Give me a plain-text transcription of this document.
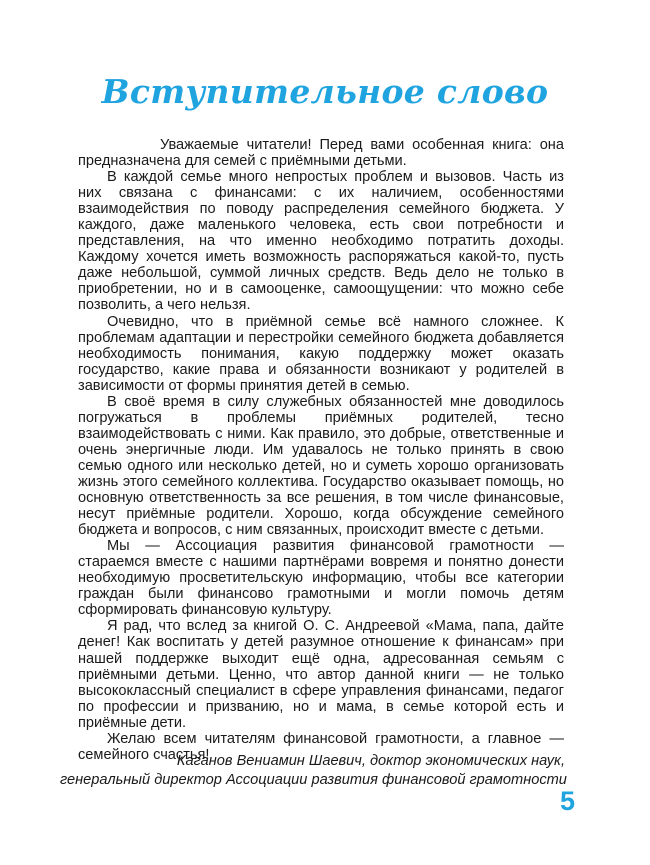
Вступительное слово

Уважаемые читатели! Перед вами особенная книга: она предназначена для семей с приёмными детьми.

В каждой семье много непростых проблем и вызовов. Часть из них связана с финансами: с их наличием, особенностями взаимодействия по поводу распределения семейного бюджета. У каждого, даже маленького человека, есть свои потребности и представления, на что именно необходимо потратить доходы. Каждому хочется иметь возможность распоряжаться какой-то, пусть даже небольшой, суммой личных средств. Ведь дело не только в приобретении, но и в самооценке, самоощущении: что можно себе позволить, а чего нельзя.

Очевидно, что в приёмной семье всё намного сложнее. К проблемам адаптации и перестройки семейного бюджета добавляется необходимость понимания, какую поддержку может оказать государство, какие права и обязанности возникают у родителей в зависимости от формы принятия детей в семью.

В своё время в силу служебных обязанностей мне доводилось погружаться в проблемы приёмных родителей, тесно взаимодействовать с ними. Как правило, это добрые, ответственные и очень энергичные люди. Им удавалось не только принять в свою семью одного или несколько детей, но и суметь хорошо организовать жизнь этого семейного коллектива. Государство оказывает помощь, но основную ответственность за все решения, в том числе финансовые, несут приёмные родители. Хорошо, когда обсуждение семейного бюджета и вопросов, с ним связанных, происходит вместе с детьми.

Мы — Ассоциация развития финансовой грамотности — стараемся вместе с нашими партнёрами вовремя и понятно донести необходимую просветительскую информацию, чтобы все категории граждан были финансово грамотными и могли помочь детям сформировать финансовую культуру.

Я рад, что вслед за книгой О. С. Андреевой «Мама, папа, дайте денег! Как воспитать у детей разумное отношение к финансам» при нашей поддержке выходит ещё одна, адресованная семьям с приёмными детьми. Ценно, что автор данной книги — не только высококлассный специалист в сфере управления финансами, педагог по профессии и призванию, но и мама, в семье которой есть и приёмные дети.

Желаю всем читателям финансовой грамотности, а главное — семейного счастья!

Каганов Вениамин Шаевич, доктор экономических наук,
генеральный директор Ассоциации развития финансовой грамотности
5
